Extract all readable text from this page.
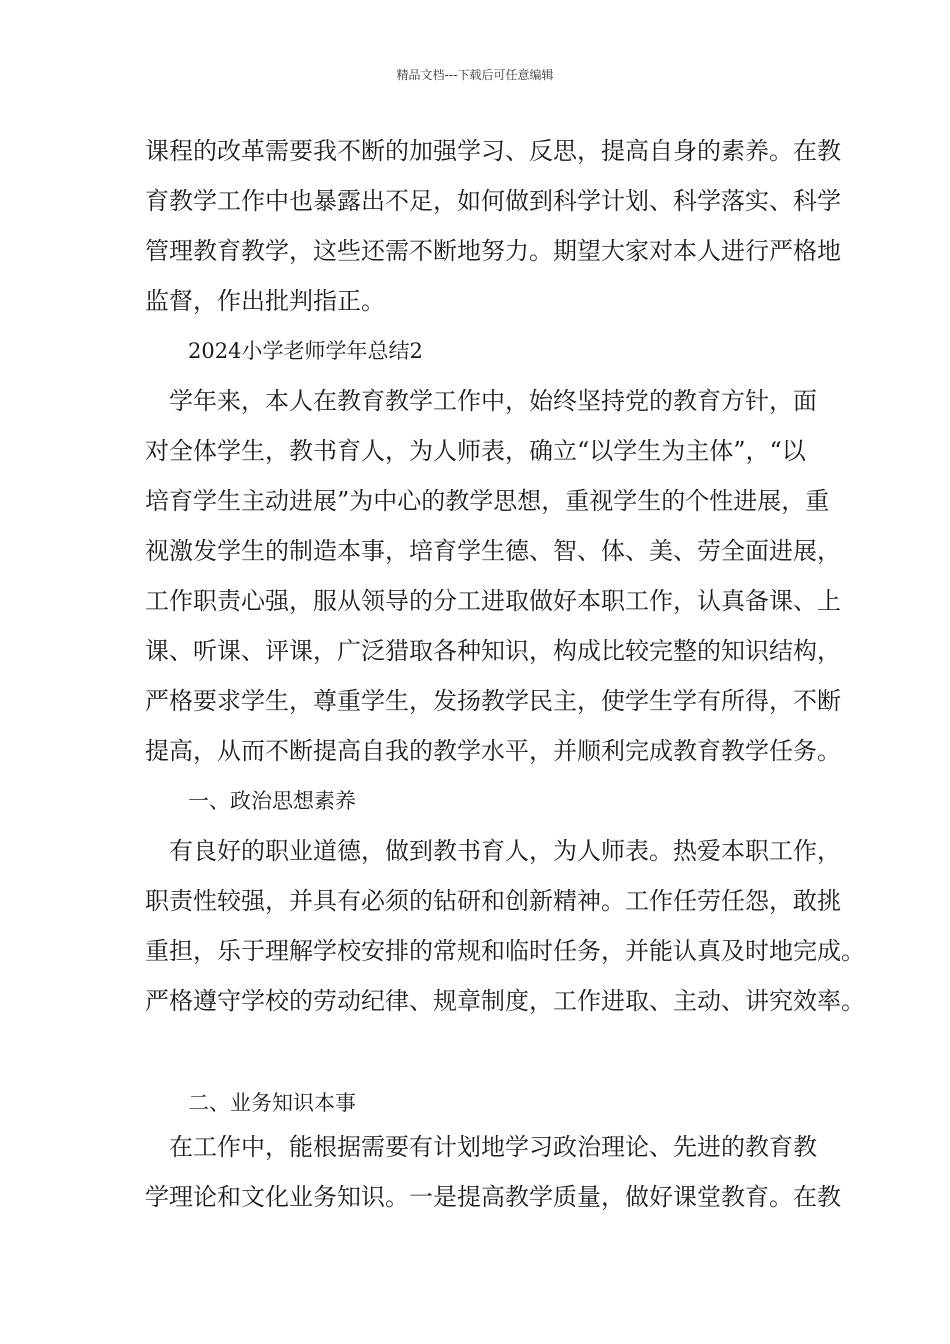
精品文档---下载后可任意编辑
课程的改革需要我不断的加强学习、反思，提高自身的素养。在教
育教学工作中也暴露出不足，如何做到科学计划、科学落实、科学
管理教育教学，这些还需不断地努力。期望大家对本人进行严格地
监督，作出批判指正。
2024小学老师学年总结2
　学年来，本人在教育教学工作中，始终坚持党的教育方针，面
对全体学生，教书育人，为人师表，确立“以学生为主体”，“以
培育学生主动进展”为中心的教学思想，重视学生的个性进展，重
视激发学生的制造本事，培育学生德、智、体、美、劳全面进展，
工作职责心强，服从领导的分工进取做好本职工作，认真备课、上
课、听课、评课，广泛猎取各种知识，构成比较完整的知识结构，
严格要求学生，尊重学生，发扬教学民主，使学生学有所得，不断
提高，从而不断提高自我的教学水平，并顺利完成教育教学任务。
一、政治思想素养
　有良好的职业道德，做到教书育人，为人师表。热爱本职工作，
职责性较强，并具有必须的钻研和创新精神。工作任劳任怨，敢挑
重担，乐于理解学校安排的常规和临时任务，并能认真及时地完成。
严格遵守学校的劳动纪律、规章制度，工作进取、主动、讲究效率。
二、业务知识本事
　在工作中，能根据需要有计划地学习政治理论、先进的教育教
学理论和文化业务知识。一是提高教学质量，做好课堂教育。在教
